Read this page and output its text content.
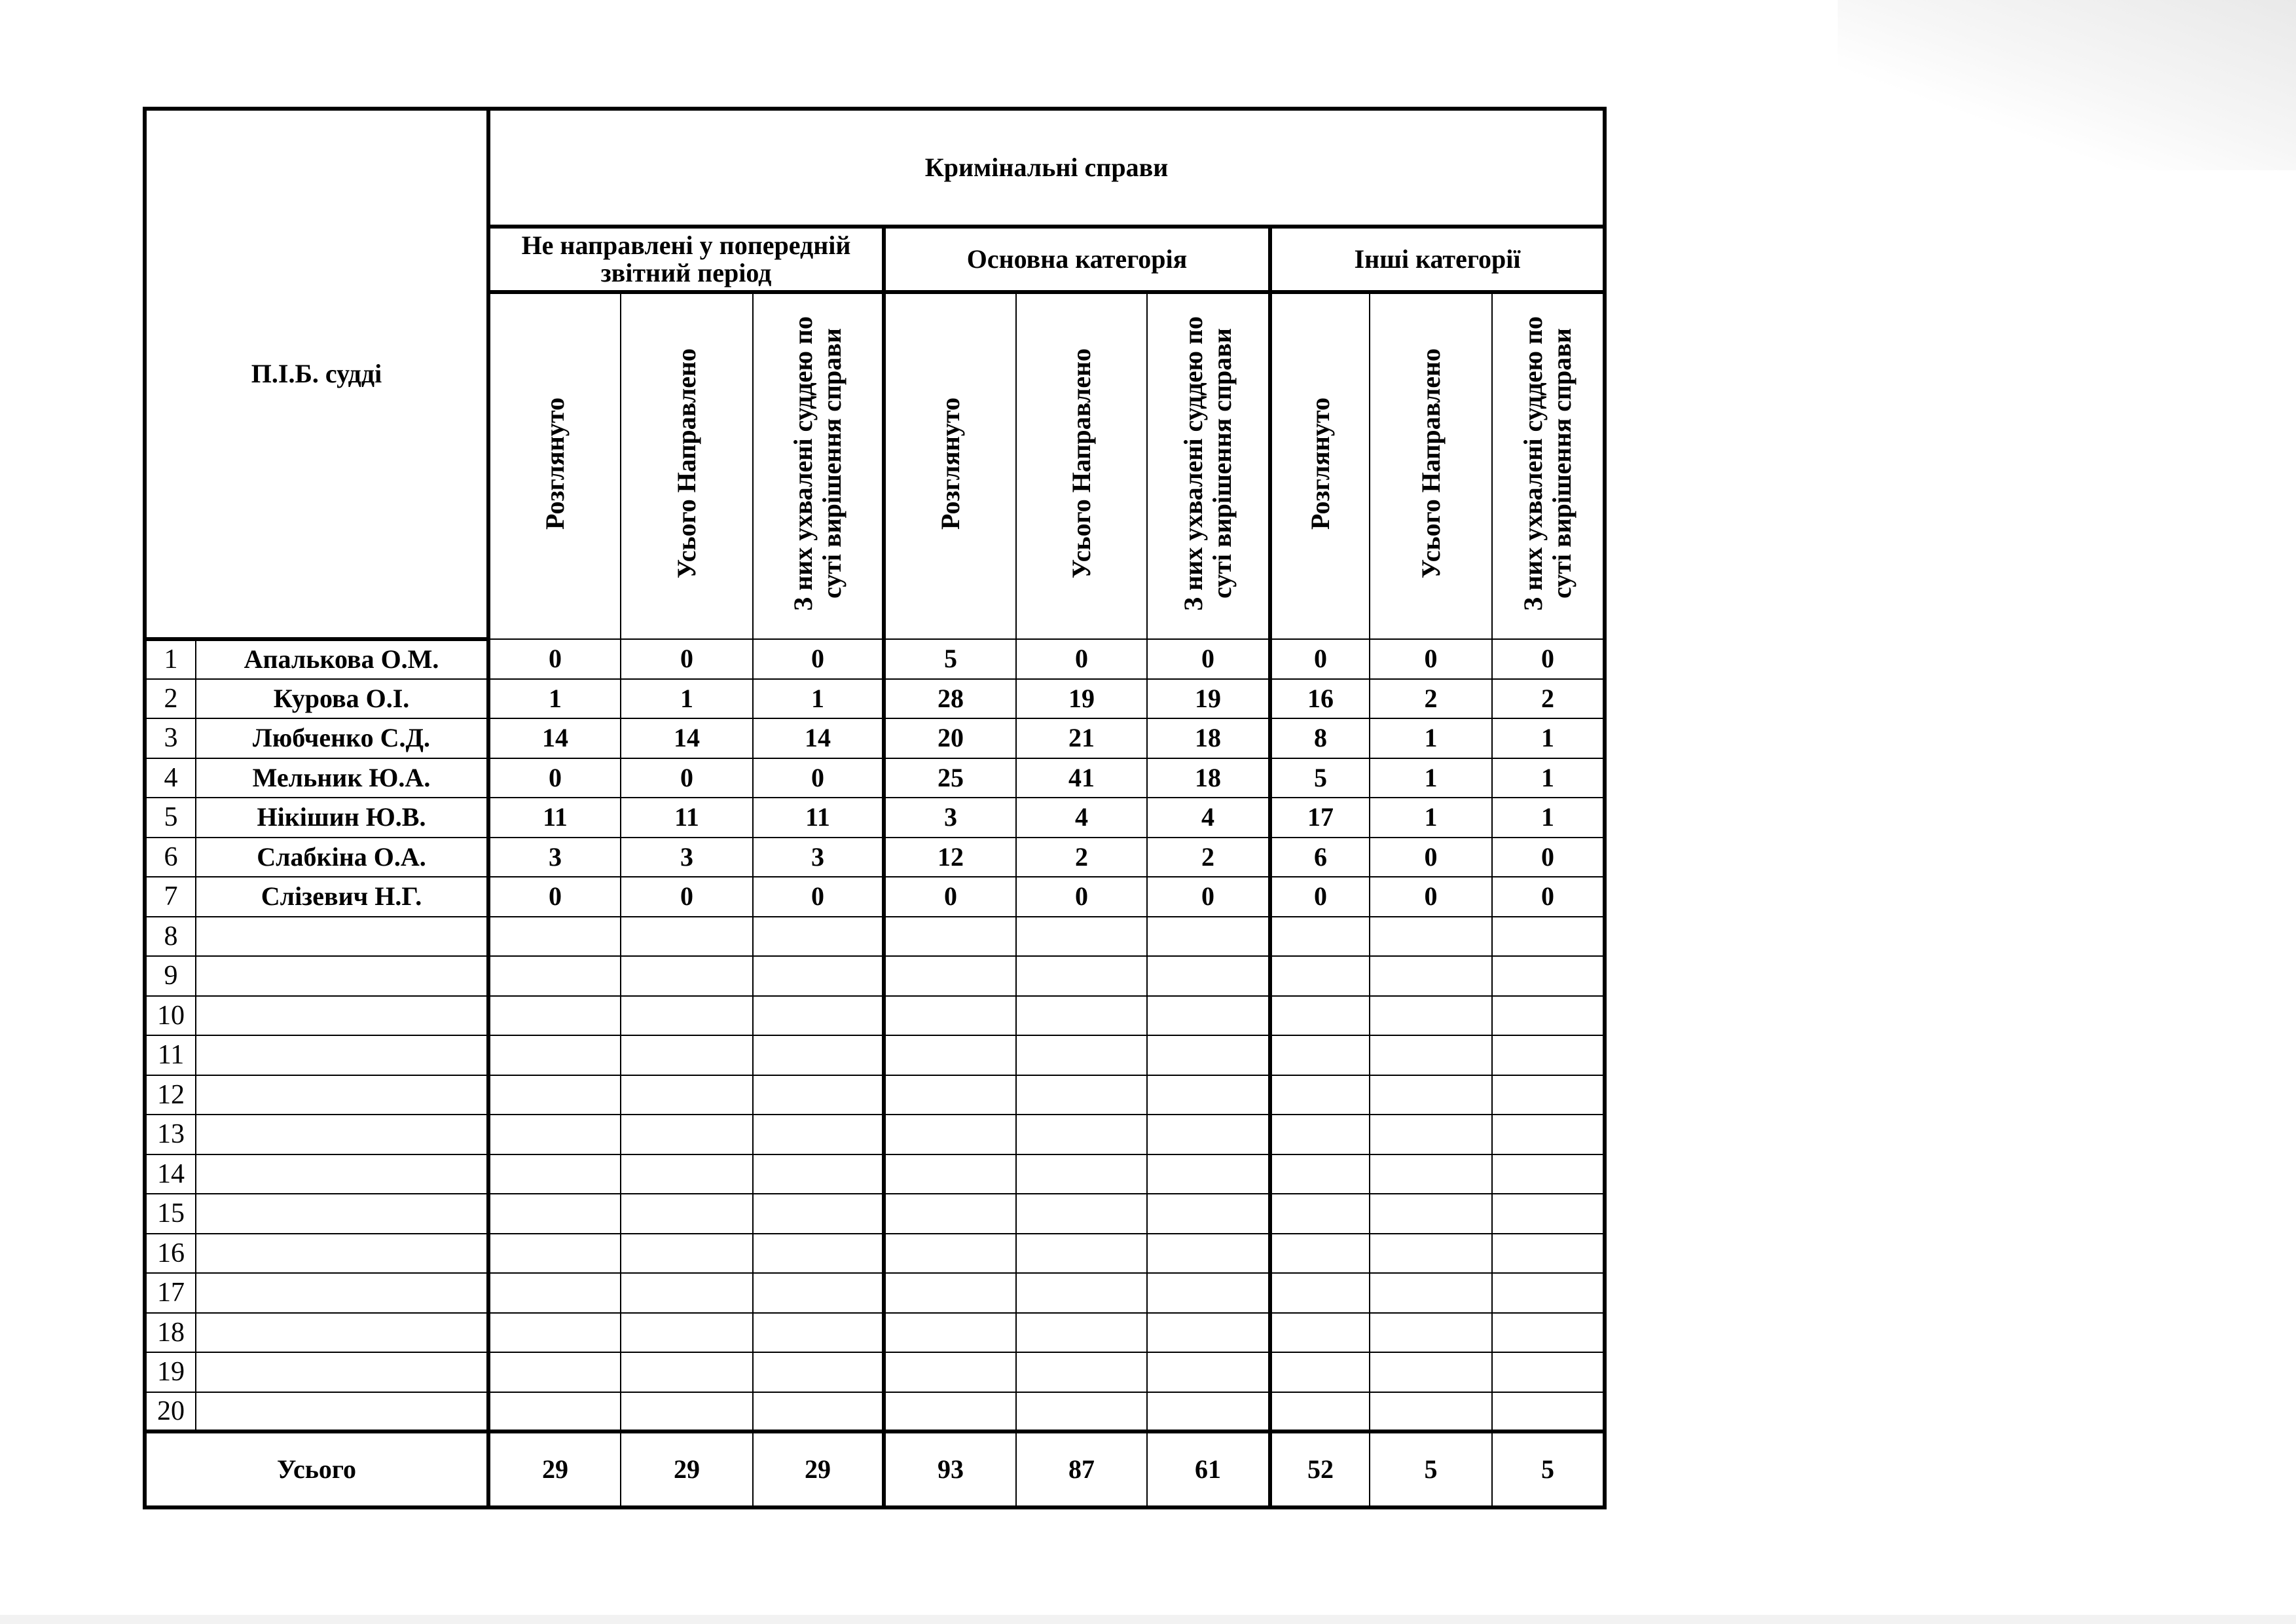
П.І.Б. судді		Кримінальні справи								
		Не направлені у попередній звітний період			Основна категорія			Інші категорії		
		Розглянуто	Усього Направлено	З них ухвалені суддею по суті вирішення справи	Розглянуто	Усього Направлено	З них ухвалені суддею по суті вирішення справи	Розглянуто	Усього Направлено	З них ухвалені суддею по суті вирішення справи
1	Апалькова О.М.	0	0	0	5	0	0	0	0	0
2	Курова О.І.	1	1	1	28	19	19	16	2	2
3	Любченко С.Д.	14	14	14	20	21	18	8	1	1
4	Мельник Ю.А.	0	0	0	25	41	18	5	1	1
5	Нікішин Ю.В.	11	11	11	3	4	4	17	1	1
6	Слабкіна О.А.	3	3	3	12	2	2	6	0	0
7	Слізевич Н.Г.	0	0	0	0	0	0	0	0	0
8										
9										
10										
11										
12										
13										
14										
15										
16										
17										
18										
19										
20										
Усього		29	29	29	93	87	61	52	5	5
